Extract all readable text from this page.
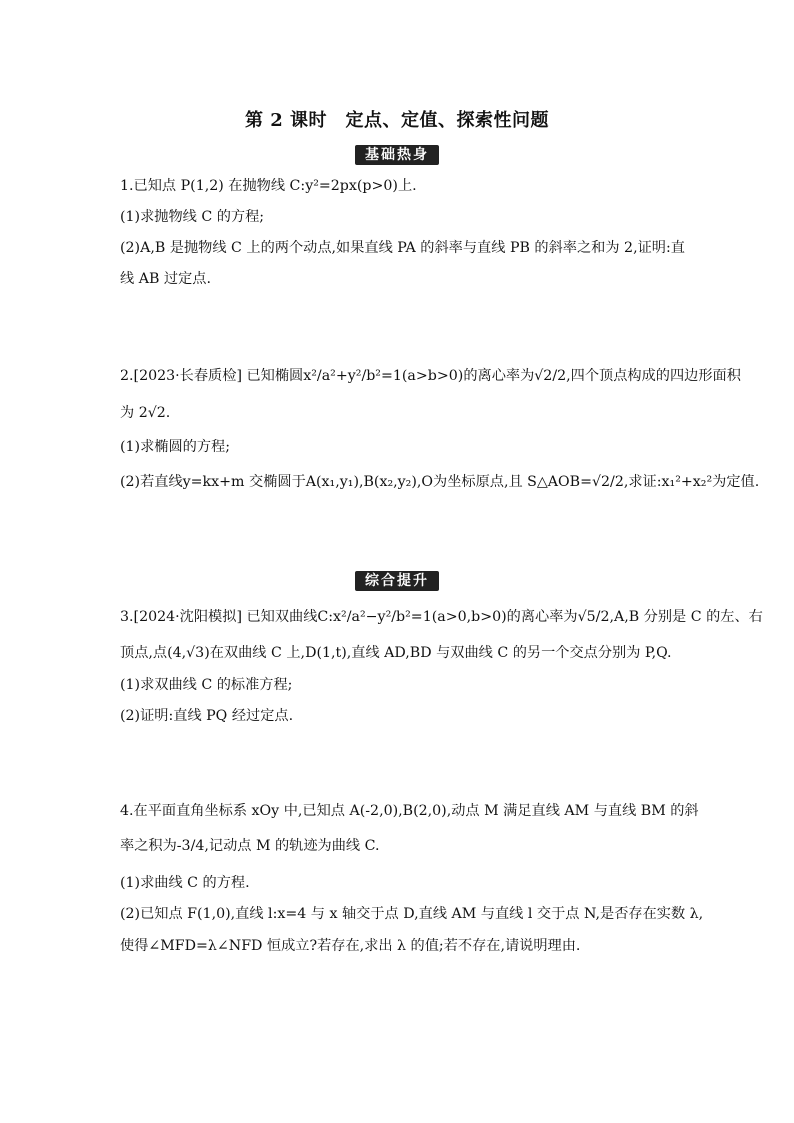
第 2 课时　定点、定值、探索性问题
基础热身
1.已知点 P(1,2) 在抛物线 C:y²=2px(p>0)上.
(1)求抛物线 C 的方程;
(2)A,B 是抛物线 C 上的两个动点,如果直线 PA 的斜率与直线 PB 的斜率之和为 2,证明:直
线 AB 过定点.
2.[2023·长春质检] 已知椭圆x²/a²+y²/b²=1(a>b>0)的离心率为√2/2,四个顶点构成的四边形面积
为 2√2.
(1)求椭圆的方程;
(2)若直线y=kx+m 交椭圆于A(x₁,y₁),B(x₂,y₂),O为坐标原点,且 S△AOB=√2/2,求证:x₁²+x₂²为定值.
综合提升
3.[2024·沈阳模拟] 已知双曲线C:x²/a²−y²/b²=1(a>0,b>0)的离心率为√5/2,A,B 分别是 C 的左、右
顶点,点(4,√3)在双曲线 C 上,D(1,t),直线 AD,BD 与双曲线 C 的另一个交点分别为 P,Q.
(1)求双曲线 C 的标准方程;
(2)证明:直线 PQ 经过定点.
4.在平面直角坐标系 xOy 中,已知点 A(-2,0),B(2,0),动点 M 满足直线 AM 与直线 BM 的斜
率之积为-3/4,记动点 M 的轨迹为曲线 C.
(1)求曲线 C 的方程.
(2)已知点 F(1,0),直线 l:x=4 与 x 轴交于点 D,直线 AM 与直线 l 交于点 N,是否存在实数 λ,
使得∠MFD=λ∠NFD 恒成立?若存在,求出 λ 的值;若不存在,请说明理由.
